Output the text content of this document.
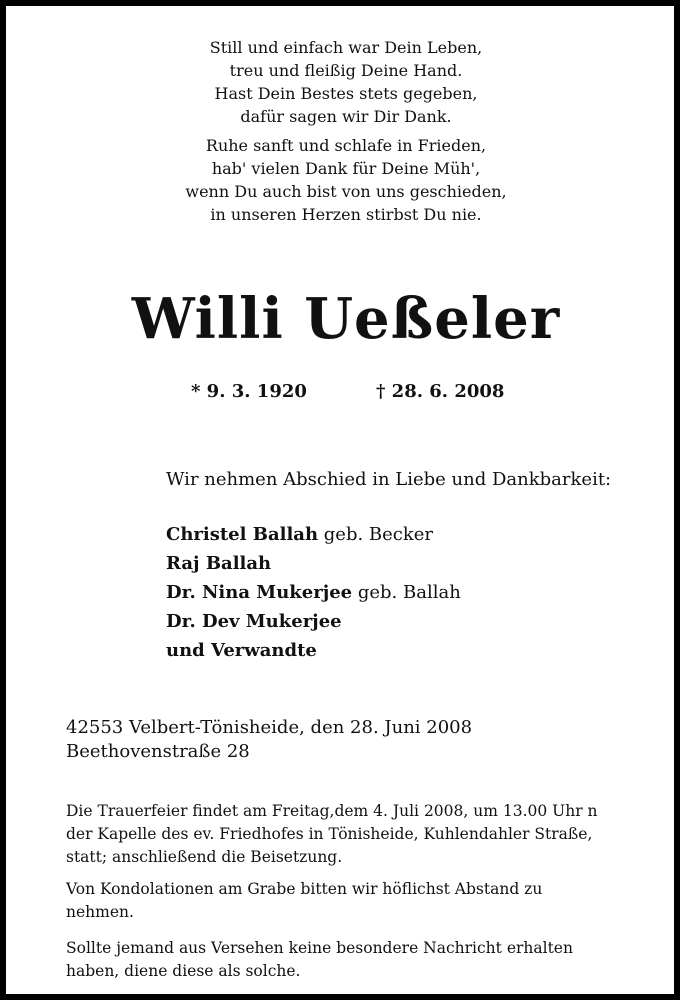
Still und einfach war Dein Leben,
treu und fleißig Deine Hand.
Hast Dein Bestes stets gegeben,
dafür sagen wir Dir Dank.
Ruhe sanft und schlafe in Frieden,
hab' vielen Dank für Deine Müh',
wenn Du auch bist von uns geschieden,
in unseren Herzen stirbst Du nie.
Willi Ueßeler
* 9. 3. 1920	† 28. 6. 2008
Wir nehmen Abschied in Liebe und Dankbarkeit:
Christel Ballah geb. Becker
Raj Ballah
Dr. Nina Mukerjee geb. Ballah
Dr. Dev Mukerjee
und Verwandte
42553 Velbert-Tönisheide, den 28. Juni 2008
Beethovenstraße 28
Die Trauerfeier findet am Freitag,dem 4. Juli 2008, um 13.00 Uhr n
der Kapelle des ev. Friedhofes in Tönisheide, Kuhlendahler Straße,
statt; anschließend die Beisetzung.
Von Kondolationen am Grabe bitten wir höflichst Abstand zu
nehmen.
Sollte jemand aus Versehen keine besondere Nachricht erhalten
haben, diene diese als solche.
